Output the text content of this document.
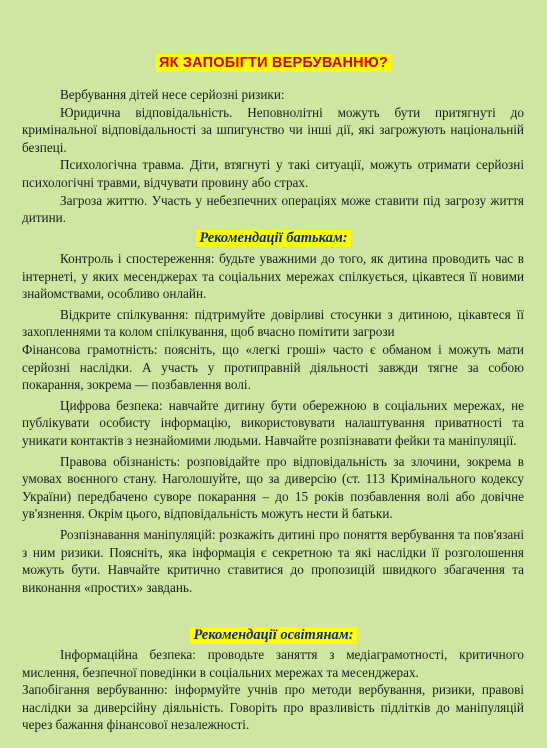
ЯК ЗАПОБІГТИ ВЕРБУВАННЮ?

Вербування дітей несе серйозні ризики:

Юридична відповідальність. Неповнолітні можуть бути притягнуті до кримінальної відповідальності за шпигунство чи інші дії, які загрожують національній безпеці.

Психологічна травма. Діти, втягнуті у такі ситуації, можуть отримати серйозні психологічні травми, відчувати провину або страх.

Загроза життю. Участь у небезпечних операціях може ставити під загрозу життя дитини.

Рекомендації батькам:

Контроль і спостереження: будьте уважними до того, як дитина проводить час в інтернеті, у яких месенджерах та соціальних мережах спілкується, цікавтеся її новими знайомствами, особливо онлайн.

Відкрите спілкування: підтримуйте довірливі стосунки з дитиною, цікавтеся її захопленнями та колом спілкування, щоб вчасно помітити загрози

Фінансова грамотність: поясніть, що «легкі гроші» часто є обманом і можуть мати серйозні наслідки. А участь у протиправній діяльності завжди тягне за собою покарання, зокрема — позбавлення волі.

Цифрова безпека: навчайте дитину бути обережною в соціальних мережах, не публікувати особисту інформацію, використовувати налаштування приватності та уникати контактів з незнайомими людьми. Навчайте розпізнавати фейки та маніпуляції.

Правова обізнаність: розповідайте про відповідальність за злочини, зокрема в умовах воєнного стану. Наголошуйте, що за диверсію (ст. 113 Кримінального кодексу України) передбачено суворе покарання – до 15 років позбавлення волі або довічне ув'язнення. Окрім цього, відповідальність можуть нести й батьки.

Розпізнавання маніпуляцій: розкажіть дитині про поняття вербування та пов'язані з ним ризики. Поясніть, яка інформація є секретною та які наслідки її розголошення можуть бути. Навчайте критично ставитися до пропозицій швидкого збагачення та виконання «простих» завдань.

Рекомендації освітянам:

Інформаційна безпека: проводьте заняття з медіаграмотності, критичного мислення, безпечної поведінки в соціальних мережах та месенджерах.

Запобігання вербуванню: інформуйте учнів про методи вербування, ризики, правові наслідки за диверсійну діяльність. Говоріть про вразливість підлітків до маніпуляцій через бажання фінансової незалежності.
